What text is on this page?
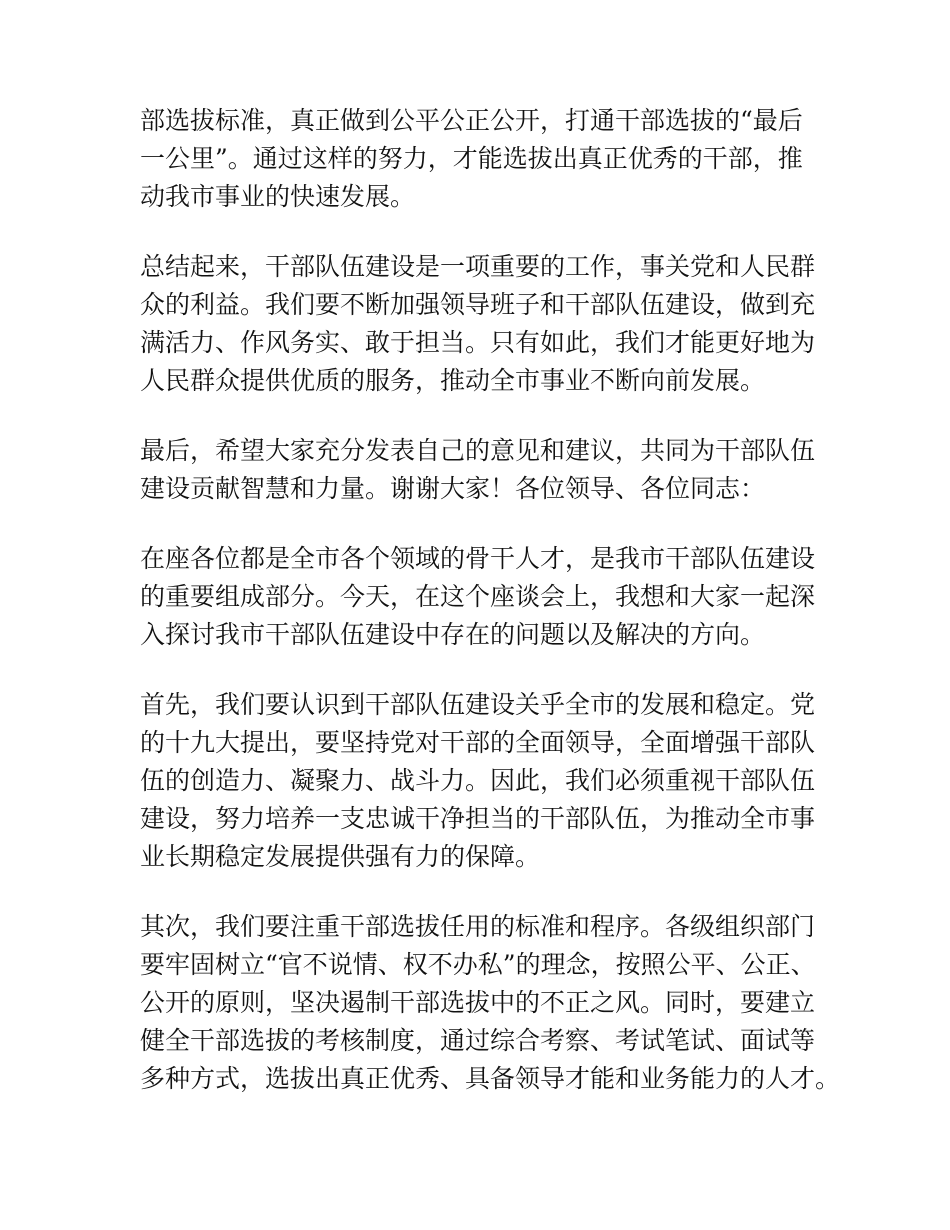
部选拔标准，真正做到公平公正公开，打通干部选拔的“最后
一公里”。通过这样的努力，才能选拔出真正优秀的干部，推
动我市事业的快速发展。

总结起来，干部队伍建设是一项重要的工作，事关党和人民群
众的利益。我们要不断加强领导班子和干部队伍建设，做到充
满活力、作风务实、敢于担当。只有如此，我们才能更好地为
人民群众提供优质的服务，推动全市事业不断向前发展。

最后，希望大家充分发表自己的意见和建议，共同为干部队伍
建设贡献智慧和力量。谢谢大家！各位领导、各位同志：

在座各位都是全市各个领域的骨干人才，是我市干部队伍建设
的重要组成部分。今天，在这个座谈会上，我想和大家一起深
入探讨我市干部队伍建设中存在的问题以及解决的方向。

首先，我们要认识到干部队伍建设关乎全市的发展和稳定。党
的十九大提出，要坚持党对干部的全面领导，全面增强干部队
伍的创造力、凝聚力、战斗力。因此，我们必须重视干部队伍
建设，努力培养一支忠诚干净担当的干部队伍，为推动全市事
业长期稳定发展提供强有力的保障。

其次，我们要注重干部选拔任用的标准和程序。各级组织部门
要牢固树立“官不说情、权不办私”的理念，按照公平、公正、
公开的原则，坚决遏制干部选拔中的不正之风。同时，要建立
健全干部选拔的考核制度，通过综合考察、考试笔试、面试等
多种方式，选拔出真正优秀、具备领导才能和业务能力的人才。
